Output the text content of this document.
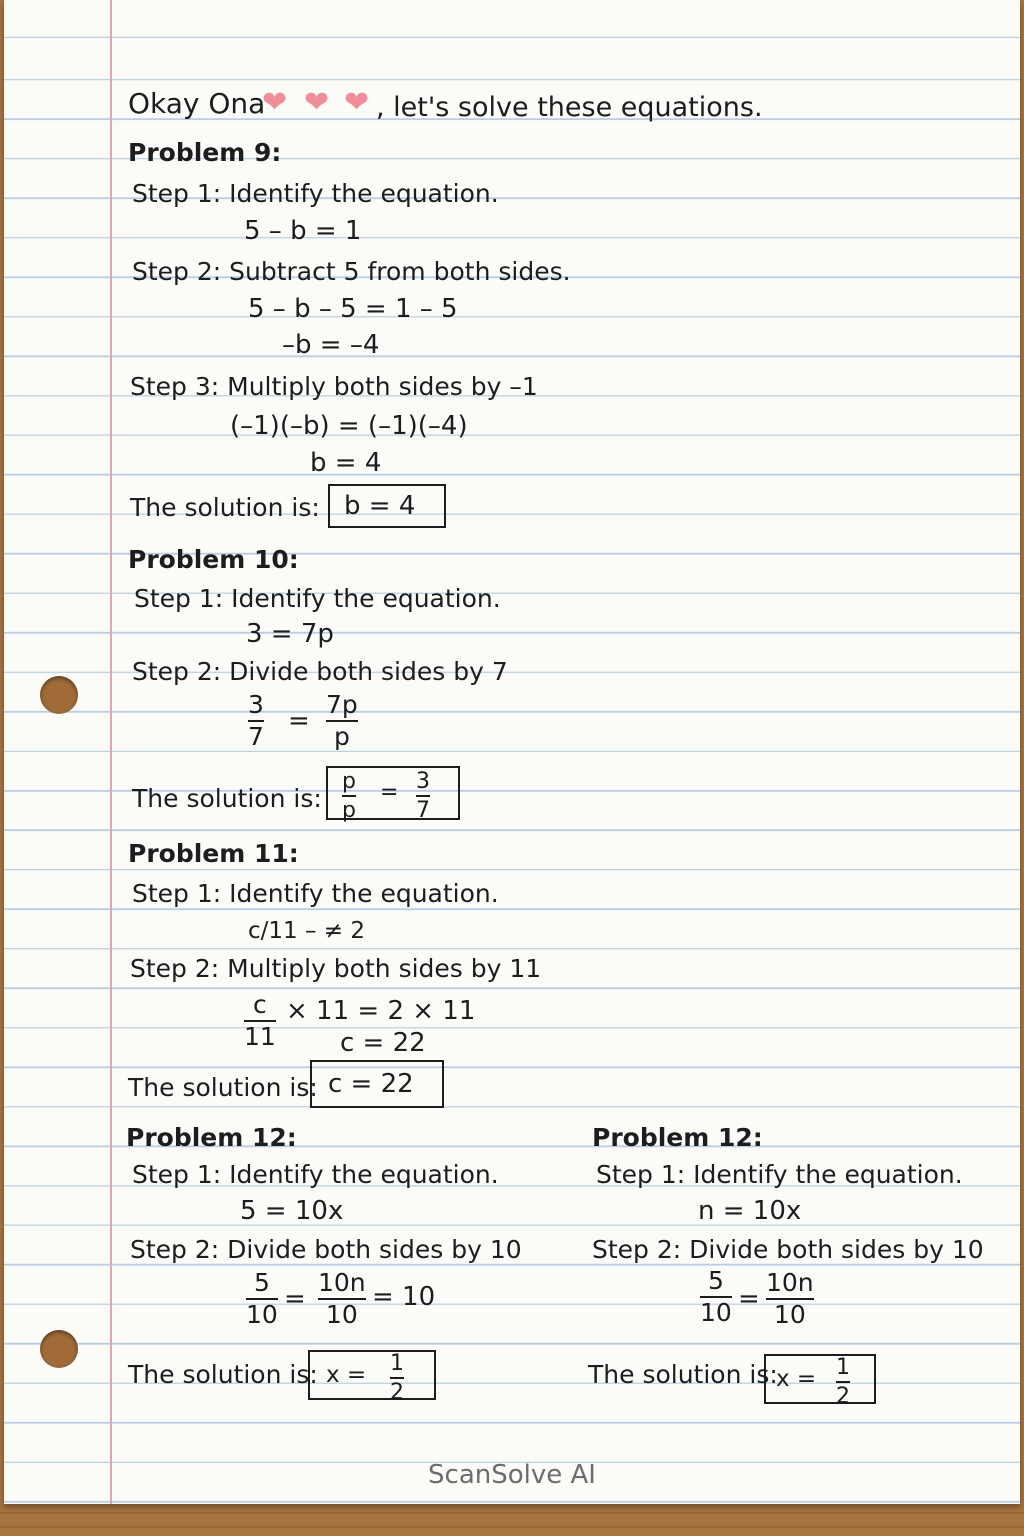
Okay Ona
❤ ❤ ❤ , let's solve these equations.
Problem 9:
Step 1: Identify the equation.
5 – b = 1
Step 2: Subtract 5 from both sides.
5 – b – 5 = 1 – 5
–b = –4
Step 3: Multiply both sides by –1
(–1)(–b) = (–1)(–4)
b = 4
The solution is: b = 4
Problem 10:
Step 1: Identify the equation.
3 = 7p
Step 2: Divide both sides by 7
3
7
=
7p
p
The solution is:
p
p
= 3
7
Problem 11:
Step 1: Identify the equation.
c/11 – ≠ 2
Step 2: Multiply both sides by 11
c
11
× 11 = 2 × 11
c = 22
The solution is: c = 22
Problem 12:
Step 1: Identify the equation.
5 = 10x
Step 2: Divide both sides by 10
5
10
=
10n
10
= 10
The solution is: x = 1
2
Problem 12:
Step 1: Identify the equation.
n = 10x
Step 2: Divide both sides by 10
5
10 =
10n
10
The solution is:
x = 1
2
ScanSolve AI
